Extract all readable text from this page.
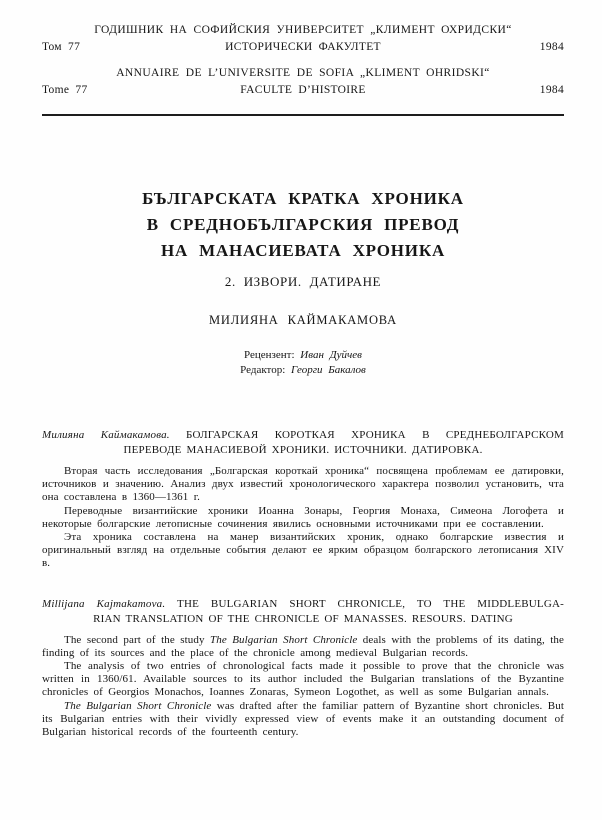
ГОДИШНИК НА СОФИЙСКИЯ УНИВЕРСИТЕТ „КЛИМЕНТ ОХРИДСКИ“
Том 77	ИСТОРИЧЕСКИ ФАКУЛТЕТ	1984
ANNUAIRE DE L’UNIVERSITE DE SOFIA „KLIMENT OHRIDSKI“
Tome 77	FACULTE D’HISTOIRE	1984
БЪЛГАРСКАТА КРАТКА ХРОНИКА
В СРЕДНОБЪЛГАРСКИЯ ПРЕВОД
НА МАНАСИЕВАТА ХРОНИКА
2. ИЗВОРИ. ДАТИРАНЕ
МИЛИЯНА КАЙМАКАМОВА
Рецензент: Иван Дуйчев
Редактор: Георги Бакалов
Милияна Каймакамова. БОЛГАРСКАЯ КОРОТКАЯ ХРОНИКА В СРЕДНЕБОЛГАРСКОМ
ПЕРЕВОДЕ МАНАСИЕВОЙ ХРОНИКИ. ИСТОЧНИКИ. ДАТИРОВКА.

Вторая часть исследования „Болгарская короткай хроника“ посвящена проблемам ее датировки, источников и значению. Анализ двух известий хронологического характера позволил установить, чта она составлена в 1360—1361 г.

Переводные византийские хроники Иоанна Зонары, Георгия Монаха, Симеона Логофета и некоторые болгарские летописные сочинения явились основными источниками при ее составлении.

Эта хроника составлена на манер византийских хроник, однако болгарские известия и оригинальный взгляд на отдельные события делают ее ярким образцом болгарского летописания XIV в.

Millijana Kajmakamova. THE BULGARIAN SHORT CHRONICLE, TO THE MIDDLEBULGA-
RIAN TRANSLATION OF THE CHRONICLE OF MANASSES. RESOURS. DATING

The second part of the study The Bulgarian Short Chronicle deals with the problems of its dating, the finding of its sources and the place of the chronicle among medieval Bulgarian records.

The analysis of two entries of chronological facts made it possible to prove that the chronicle was written in 1360/61. Available sources to its author included the Bulgarian translations of the Byzantine chronicles of Georgios Monachos, Ioannes Zonaras, Symeon Logothet, as well as some Bulgarian annals.

The Bulgarian Short Chronicle was drafted after the familiar pattern of Byzantine short chronicles. But its Bulgarian entries with their vividly expressed view of events make it an outstanding document of Bulgarian historical records of the fourteenth century.
